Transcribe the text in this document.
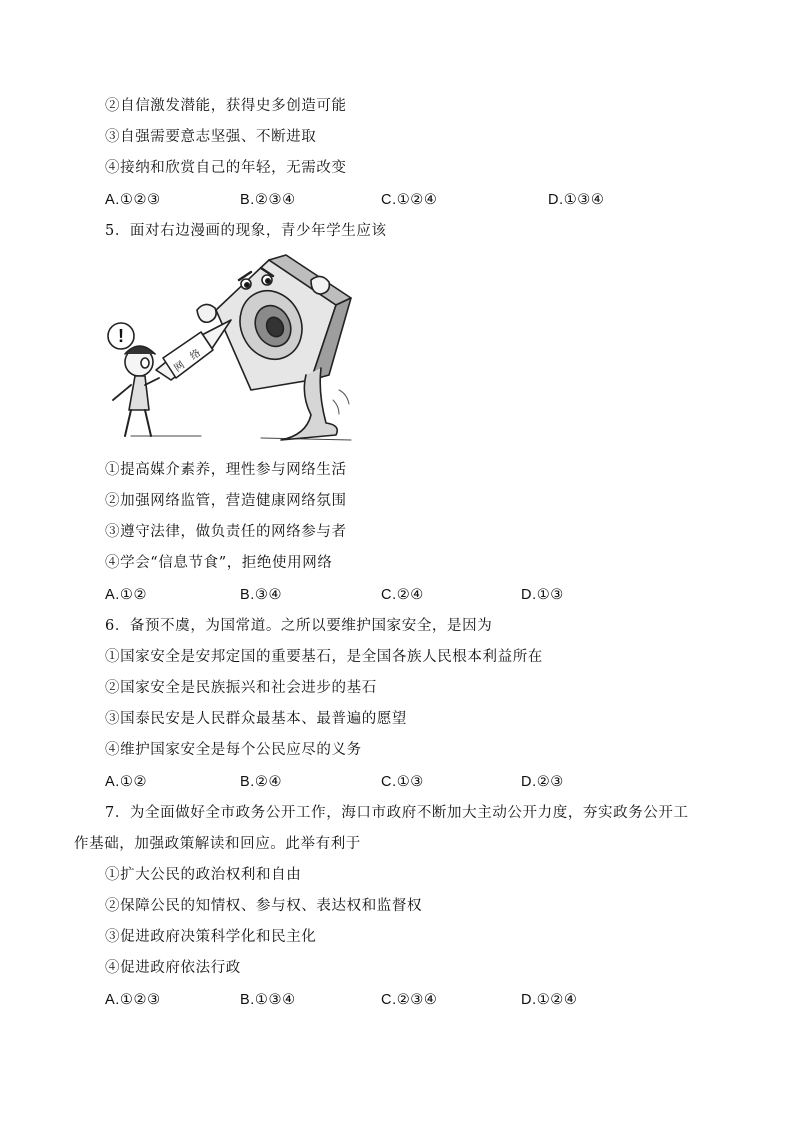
②自信激发潜能，获得史多创造可能
③自强需要意志坚强、不断进取
④接纳和欣赏自己的年轻，无需改变
A.①②③	B.②③④	C.①②④	D.①③④
5．面对右边漫画的现象，青少年学生应该
!
网
络
①提高媒介素养，理性参与网络生活
②加强网络监管，营造健康网络氛围
③遵守法律，做负责任的网络参与者
④学会“信息节食”，拒绝使用网络
A.①②	B.③④	C.②④	D.①③
6．备预不虞，为国常道。之所以要维护国家安全，是因为
①国家安全是安邦定国的重要基石，是全国各族人民根本利益所在
②国家安全是民族振兴和社会进步的基石
③国泰民安是人民群众最基本、最普遍的愿望
④维护国家安全是每个公民应尽的义务
A.①②	B.②④	C.①③	D.②③
7．为全面做好全市政务公开工作，海口市政府不断加大主动公开力度，夯实政务公开工
作基础，加强政策解读和回应。此举有利于
①扩大公民的政治权利和自由
②保障公民的知情权、参与权、表达权和监督权
③促进政府决策科学化和民主化
④促进政府依法行政
A.①②③	B.①③④	C.②③④	D.①②④
